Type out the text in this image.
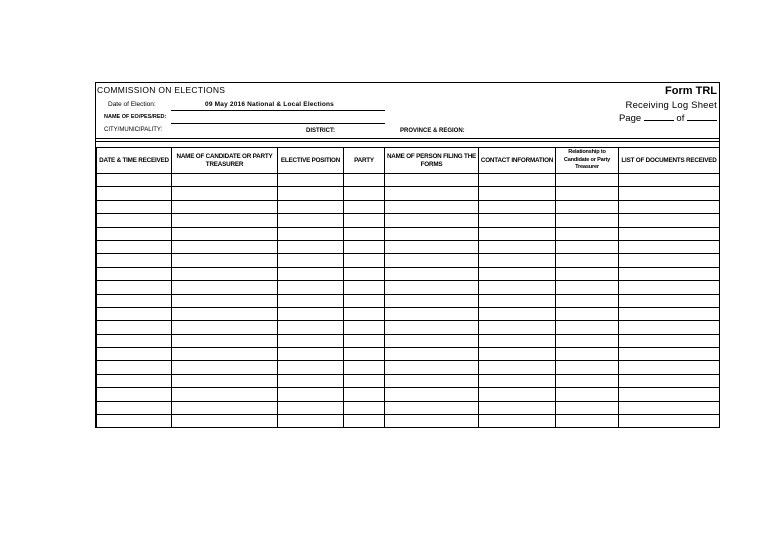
COMMISSION ON ELECTIONS	Form TRL
Receiving Log Sheet
Page	of
Date of Election:	09 May 2016 National & Local Elections
NAME OF EO/PES/RED:
CITY/MUNICIPALITY:	DISTRICT:	PROVINCE & REGION:
DATE & TIME RECEIVED	NAME OF CANDIDATE OR PARTY TREASURER	ELECTIVE POSITION	PARTY	NAME OF PERSON FILING THE FORMS	CONTACT INFORMATION	Relationship to Candidate or Party Treasurer	LIST OF DOCUMENTS RECEIVED
